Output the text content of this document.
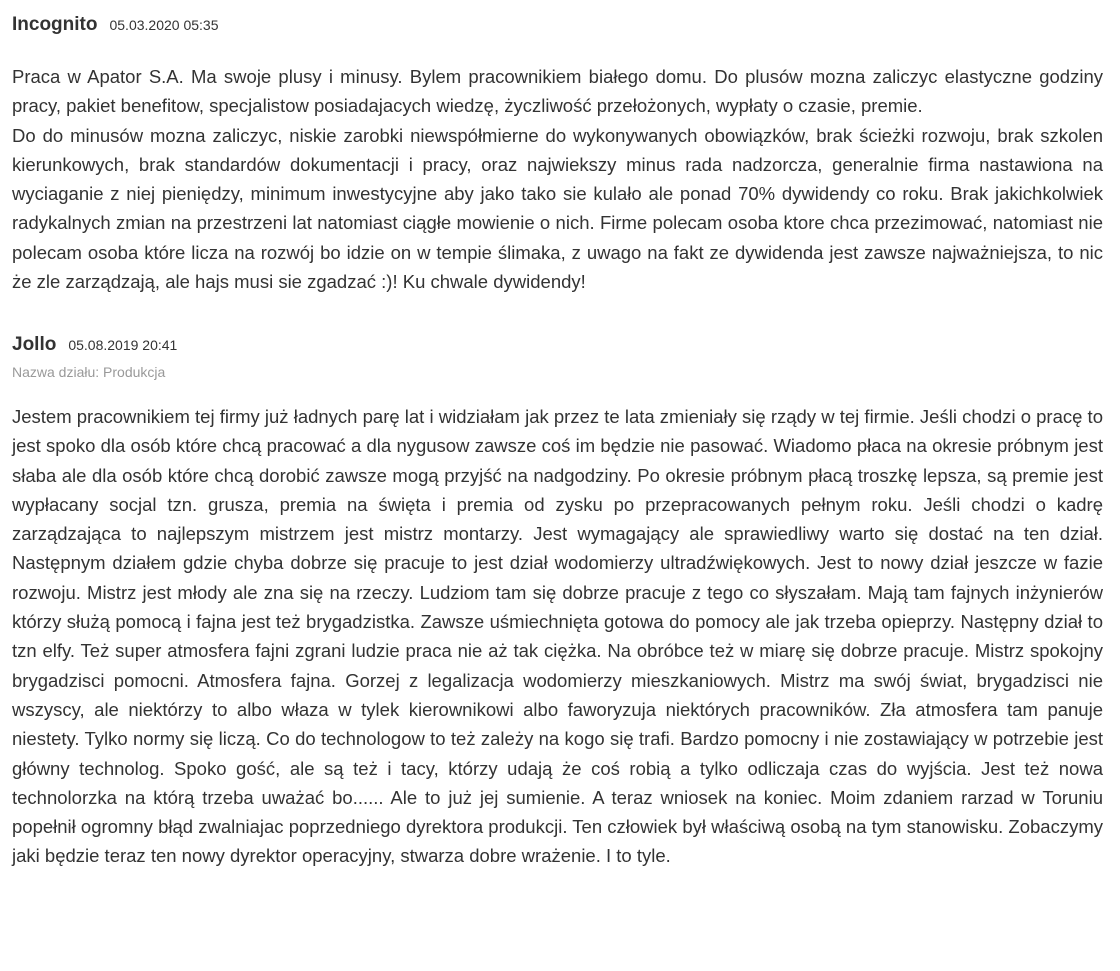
Incognito 05.03.2020 05:35

Praca w Apator S.A. Ma swoje plusy i minusy. Bylem pracownikiem białego domu. Do plusów mozna zaliczyc elastyczne godziny pracy, pakiet benefitow, specjalistow posiadajacych wiedzę, życzliwość przełożonych, wypłaty o czasie, premie.
Do do minusów mozna zaliczyc, niskie zarobki niewspółmierne do wykonywanych obowiązków, brak ścieżki rozwoju, brak szkolen kierunkowych, brak standardów dokumentacji i pracy, oraz najwieksz‍y minus rada nadzorcza, generalnie firma nastawiona na wyciaganie z niej pieniędzy, minimum inwestycyjne aby jako tako sie kulało ale ponad 70% dywidendy co roku. Brak jakichkolwiek radykalnych zmian na przestrzeni lat natomiast ciągłe mowienie o nich. Firme polecam osoba ktore chca przezimować, natomiast nie polecam osoba które licza na rozwój bo idzie on w tempie ślimaka, z uwago na fakt ze dywidenda jest zawsze najważniejsza, to nic że zle zarządzają, ale hajs musi sie zgadzać :)! Ku chwale dywidendy!

Jollo 05.08.2019 20:41
Nazwa działu: Produkcja

Jestem pracownikiem tej firmy już ładnych parę lat i widziałam jak przez te lata zmieniały się rządy w tej firmie. Jeśli chodzi o pracę to jest spoko dla osób które chcą pracować a dla nygusow zawsze coś im będzie nie pasować. Wiadomo płaca na okresie próbnym jest słaba ale dla osób które chcą dorobić zawsze mogą przyjść na nadgodziny. Po okresie próbnym płacą troszkę lepsza, są premie jest wypłacany socjal tzn. grusza, premia na święta i premia od zysku po przepracowanych pełnym roku. Jeśli chodzi o kadrę zarządzająca to najlepszym mistrzem jest mistrz montarzy. Jest wymagający ale sprawiedliwy warto się dostać na ten dział. Następnym działem gdzie chyba dobrze się pracuje to jest dział wodomierzy ultradźwiękowych. Jest to nowy dział jeszcze w fazie rozwoju. Mistrz jest młody ale zna się na rzeczy. Ludziom tam się dobrze pracuje z tego co słyszałam. Mają tam fajnych inżynierów którzy służą pomocą i fajna jest też brygadzistka. Zawsze uśmiechnięta gotowa do pomocy ale jak trzeba opiepr‍zy. Następny dział to tzn elfy. Też super atmosfera fajni zgrani ludzie praca nie aż tak ciężka. Na obróbce też w miarę się dobrze pracuje. Mistrz spokojny brygadzisci pomocni. Atmosfera fajna. Gorzej z legalizacja wodomierzy mieszkaniowych. Mistrz ma swój świat, brygadzisci nie wszyscy, ale niektórzy to albo właza w tylek kierownikowi albo faworyzuja niektórych pracowników. Zła atmosfera tam panuje niestety. Tylko normy się liczą. Co do technologow to też zależy na kogo się trafi. Bardzo pomocny i nie zostawiający w potrzebie jest główny technolog. Spoko gość, ale są też i tacy, którzy udają że coś robią a tylko odliczaja czas do wyjścia. Jest też nowa technolorzka na którą trzeba uważać bo...... Ale to już jej sumienie. A teraz wniosek na koniec. Moim zdaniem rarzad w Toruniu popełnił ogromny błąd zwalniajac poprzedniego dyrektora produkcji. Ten człowiek był właściwą osobą na tym stanowisku. Zobaczymy jaki będzie teraz ten nowy dyrektor operacyjny, stwarza dobre wrażenie. I to tyle.
